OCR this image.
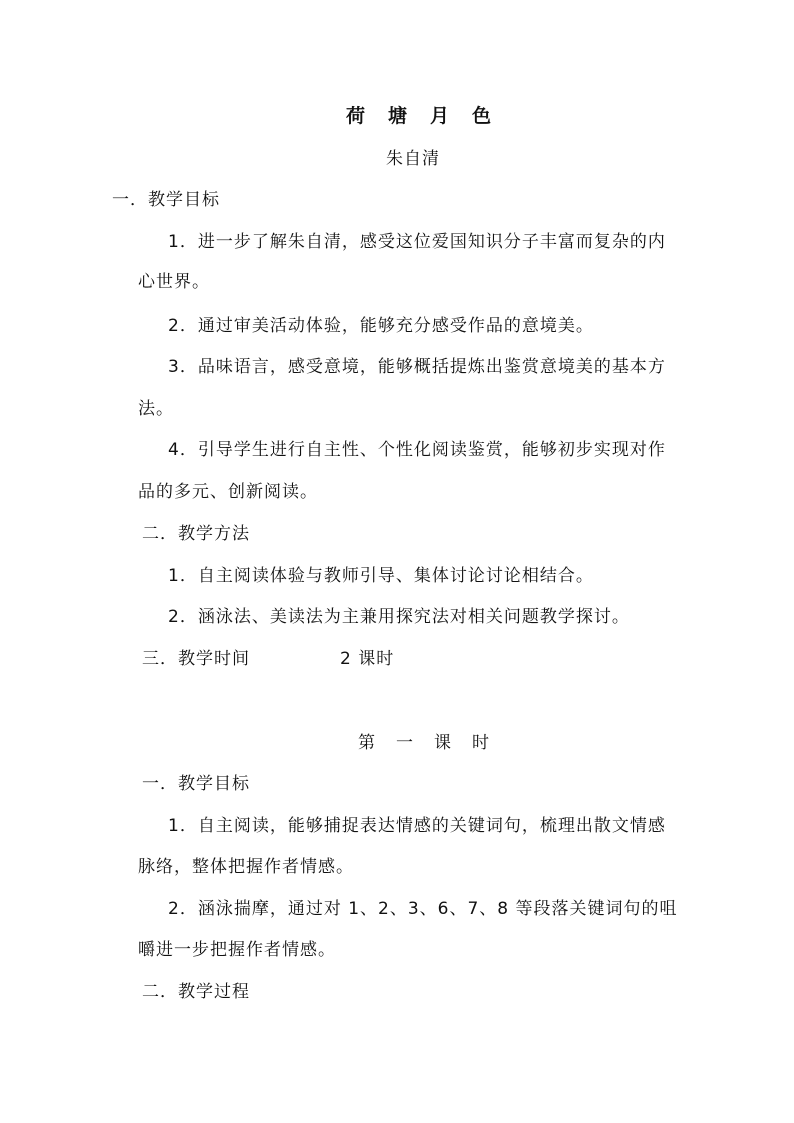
荷　塘　月　色

朱自清

一．教学目标

1．进一步了解朱自清，感受这位爱国知识分子丰富而复杂的内

心世界。

2．通过审美活动体验，能够充分感受作品的意境美。

3．品味语言，感受意境，能够概括提炼出鉴赏意境美的基本方

法。

4．引导学生进行自主性、个性化阅读鉴赏，能够初步实现对作

品的多元、创新阅读。

二．教学方法

1．自主阅读体验与教师引导、集体讨论讨论相结合。

2．涵泳法、美读法为主兼用探究法对相关问题教学探讨。

三．教学时间	2 课时

第　一　课　时

一．教学目标

1．自主阅读，能够捕捉表达情感的关键词句，梳理出散文情感

脉络，整体把握作者情感。

2．涵泳揣摩，通过对 1、2、3、6、7、8 等段落关键词句的咀

嚼进一步把握作者情感。

二．教学过程
